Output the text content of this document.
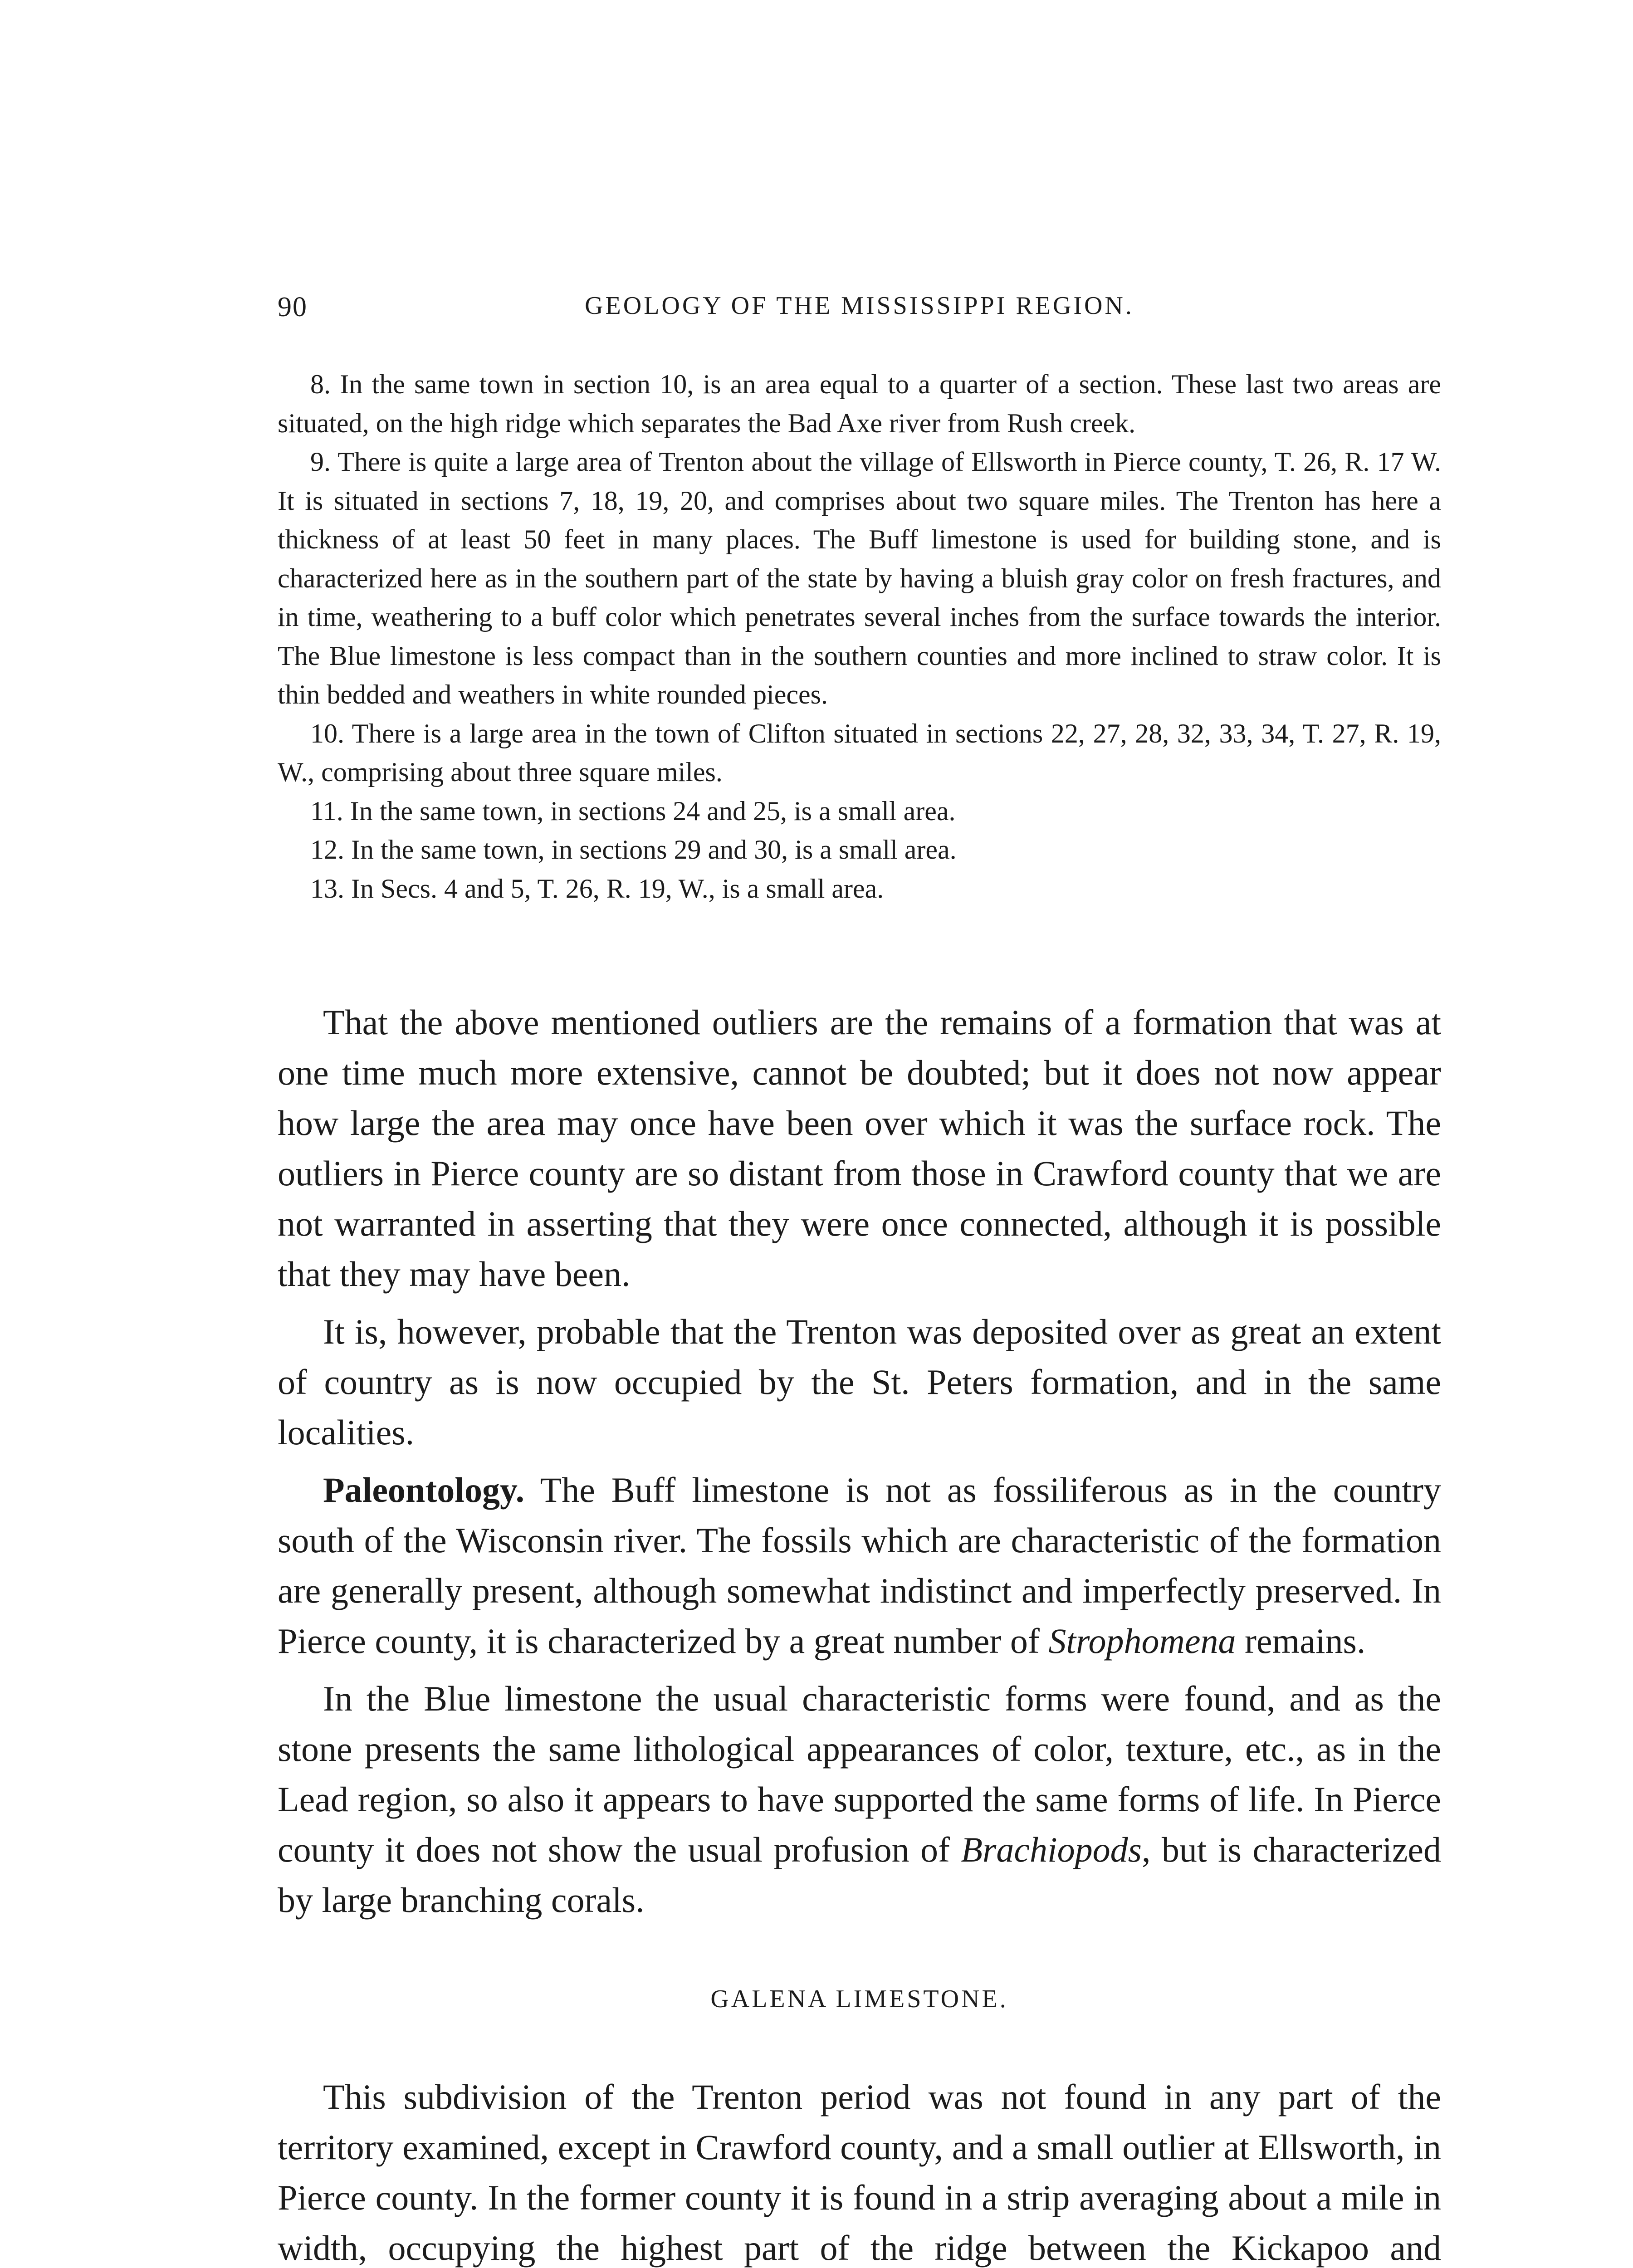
90	GEOLOGY OF THE MISSISSIPPI REGION.

8. In the same town in section 10, is an area equal to a quarter of a section. These last two areas are situated, on the high ridge which separates the Bad Axe river from Rush creek.

9. There is quite a large area of Trenton about the village of Ellsworth in Pierce county, T. 26, R. 17 W. It is situated in sections 7, 18, 19, 20, and comprises about two square miles. The Trenton has here a thickness of at least 50 feet in many places. The Buff limestone is used for building stone, and is characterized here as in the southern part of the state by having a bluish gray color on fresh fractures, and in time, weathering to a buff color which penetrates several inches from the surface towards the interior. The Blue limestone is less compact than in the southern counties and more inclined to straw color. It is thin bedded and weathers in white rounded pieces.

10. There is a large area in the town of Clifton situated in sections 22, 27, 28, 32, 33, 34, T. 27, R. 19, W., comprising about three square miles.

11. In the same town, in sections 24 and 25, is a small area.

12. In the same town, in sections 29 and 30, is a small area.

13. In Secs. 4 and 5, T. 26, R. 19, W., is a small area.

That the above mentioned outliers are the remains of a formation that was at one time much more extensive, cannot be doubted; but it does not now appear how large the area may once have been over which it was the surface rock. The outliers in Pierce county are so distant from those in Crawford county that we are not warranted in asserting that they were once connected, although it is possible that they may have been.

It is, however, probable that the Trenton was deposited over as great an extent of country as is now occupied by the St. Peters formation, and in the same localities.

Paleontology. The Buff limestone is not as fossiliferous as in the country south of the Wisconsin river. The fossils which are characteristic of the formation are generally present, although somewhat indistinct and imperfectly preserved. In Pierce county, it is characterized by a great number of Strophomena remains.

In the Blue limestone the usual characteristic forms were found, and as the stone presents the same lithological appearances of color, texture, etc., as in the Lead region, so also it appears to have supported the same forms of life. In Pierce county it does not show the usual profusion of Brachiopods, but is characterized by large branching corals.

GALENA LIMESTONE.

This subdivision of the Trenton period was not found in any part of the territory examined, except in Crawford county, and a small outlier at Ellsworth, in Pierce county. In the former county it is found in a strip averaging about a mile in width, occupying the highest part of the ridge between the Kickapoo and
